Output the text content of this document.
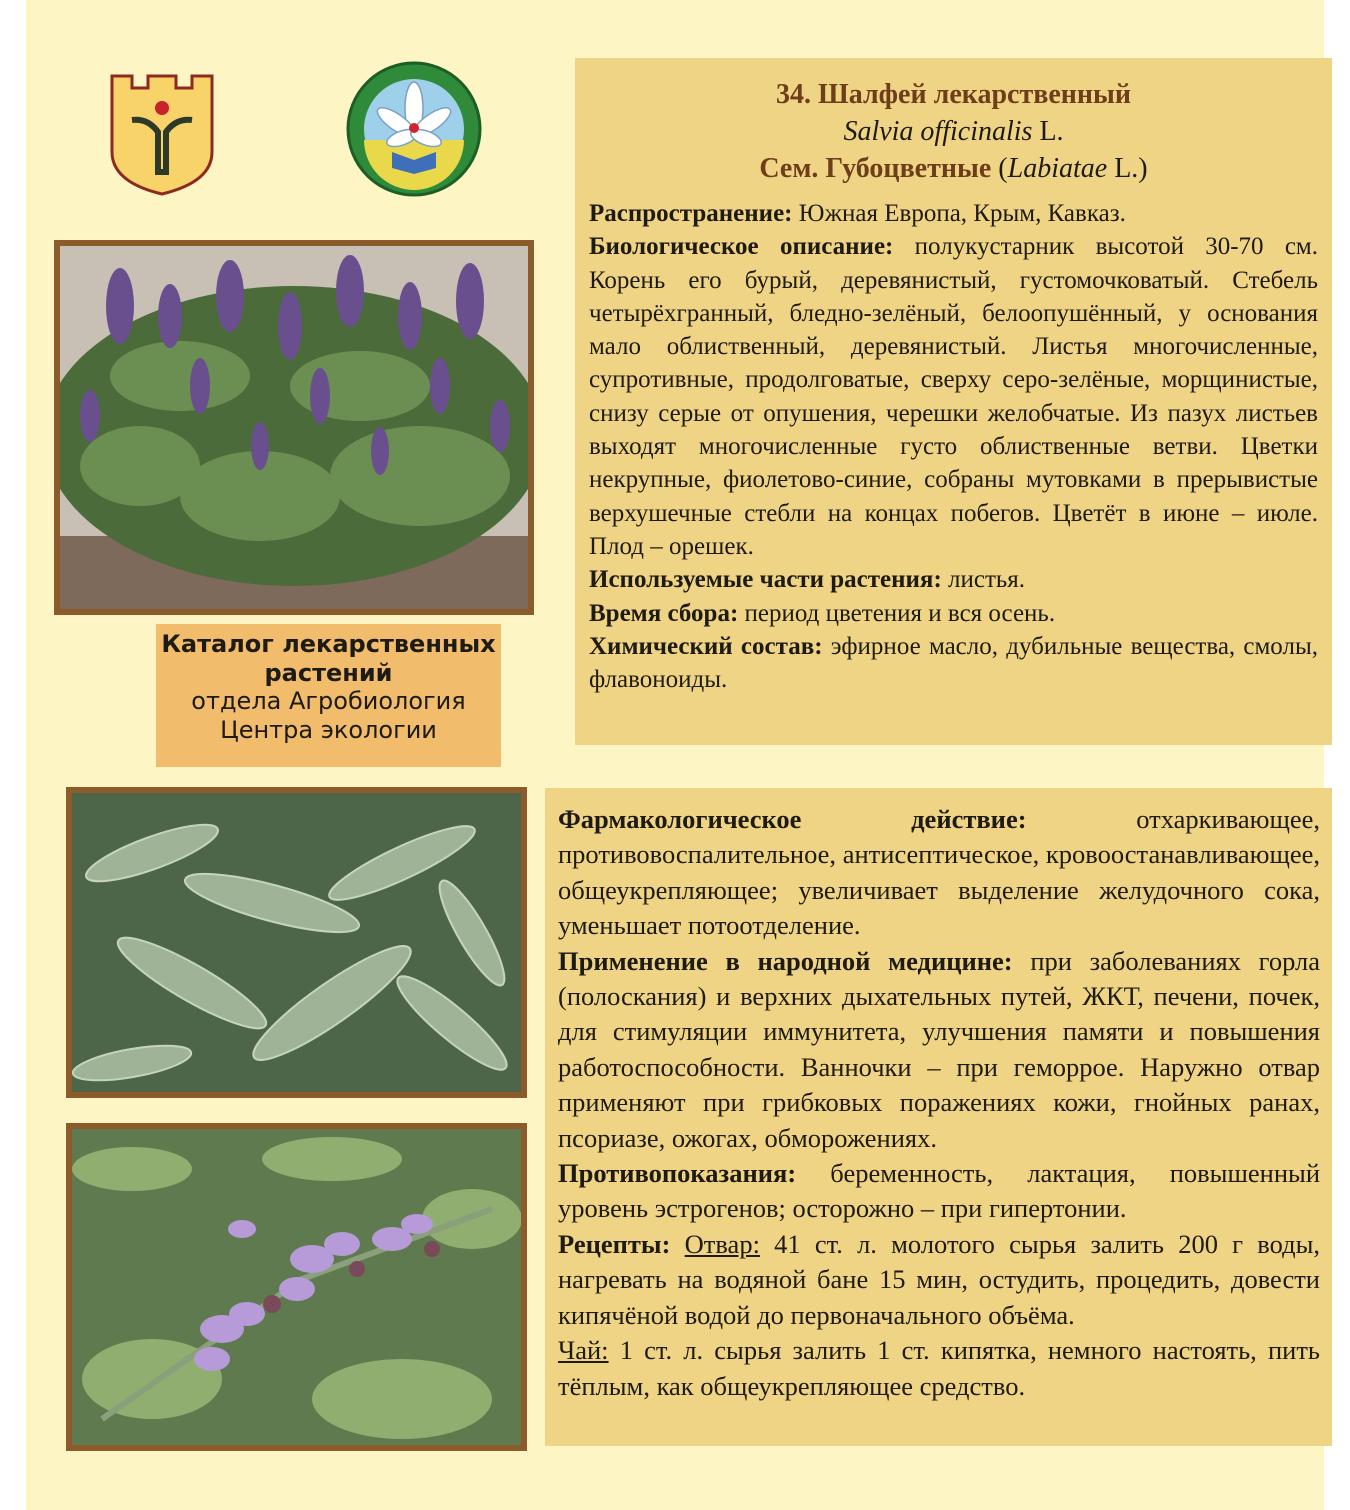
Каталог лекарственных
растений
отдела Агробиология
Центра экологии
34. Шалфей лекарственный
Salvia officinalis L.
Сем. Губоцветные (Labiatae L.)

Распространение: Южная Европа, Крым, Кавказ.

Биологическое описание: полукустарник высотой 30-70 см. Корень его бурый, деревянистый, густомочковатый. Стебель четырёхгранный, бледно-зелёный, белоопушённый, у основания мало облиственный, деревянистый. Листья многочисленные, супротивные, продолговатые, сверху серо-зелёные, морщинистые, снизу серые от опушения, черешки желобчатые. Из пазух листьев выходят многочисленные густо облиственные ветви. Цветки некрупные, фиолетово-синие, собраны мутовками в прерывистые верхушечные стебли на концах побегов. Цветёт в июне – июле. Плод – орешек.

Используемые части растения: листья.

Время сбора: период цветения и вся осень.

Химический состав: эфирное масло, дубильные вещества, смолы, флавоноиды.

Фармакологическое действие: отхаркивающее, противовоспалительное, антисептическое, кровоостанавливающее, общеукрепляющее; увеличивает выделение желудочного сока, уменьшает потоотделение.

Применение в народной медицине: при заболеваниях горла (полоскания) и верхних дыхательных путей, ЖКТ, печени, почек, для стимуляции иммунитета, улучшения памяти и повышения работоспособности. Ванночки – при геморрое. Наружно отвар применяют при грибковых поражениях кожи, гнойных ранах, псориазе, ожогах, обморожениях.

Противопоказания: беременность, лактация, повышенный уровень эстрогенов; осторожно – при гипертонии.

Рецепты: Отвар: 41 ст. л. молотого сырья залить 200 г воды, нагревать на водяной бане 15 мин, остудить, процедить, довести кипячёной водой до первоначального объёма.

Чай: 1 ст. л. сырья залить 1 ст. кипятка, немного настоять, пить тёплым, как общеукрепляющее средство.
